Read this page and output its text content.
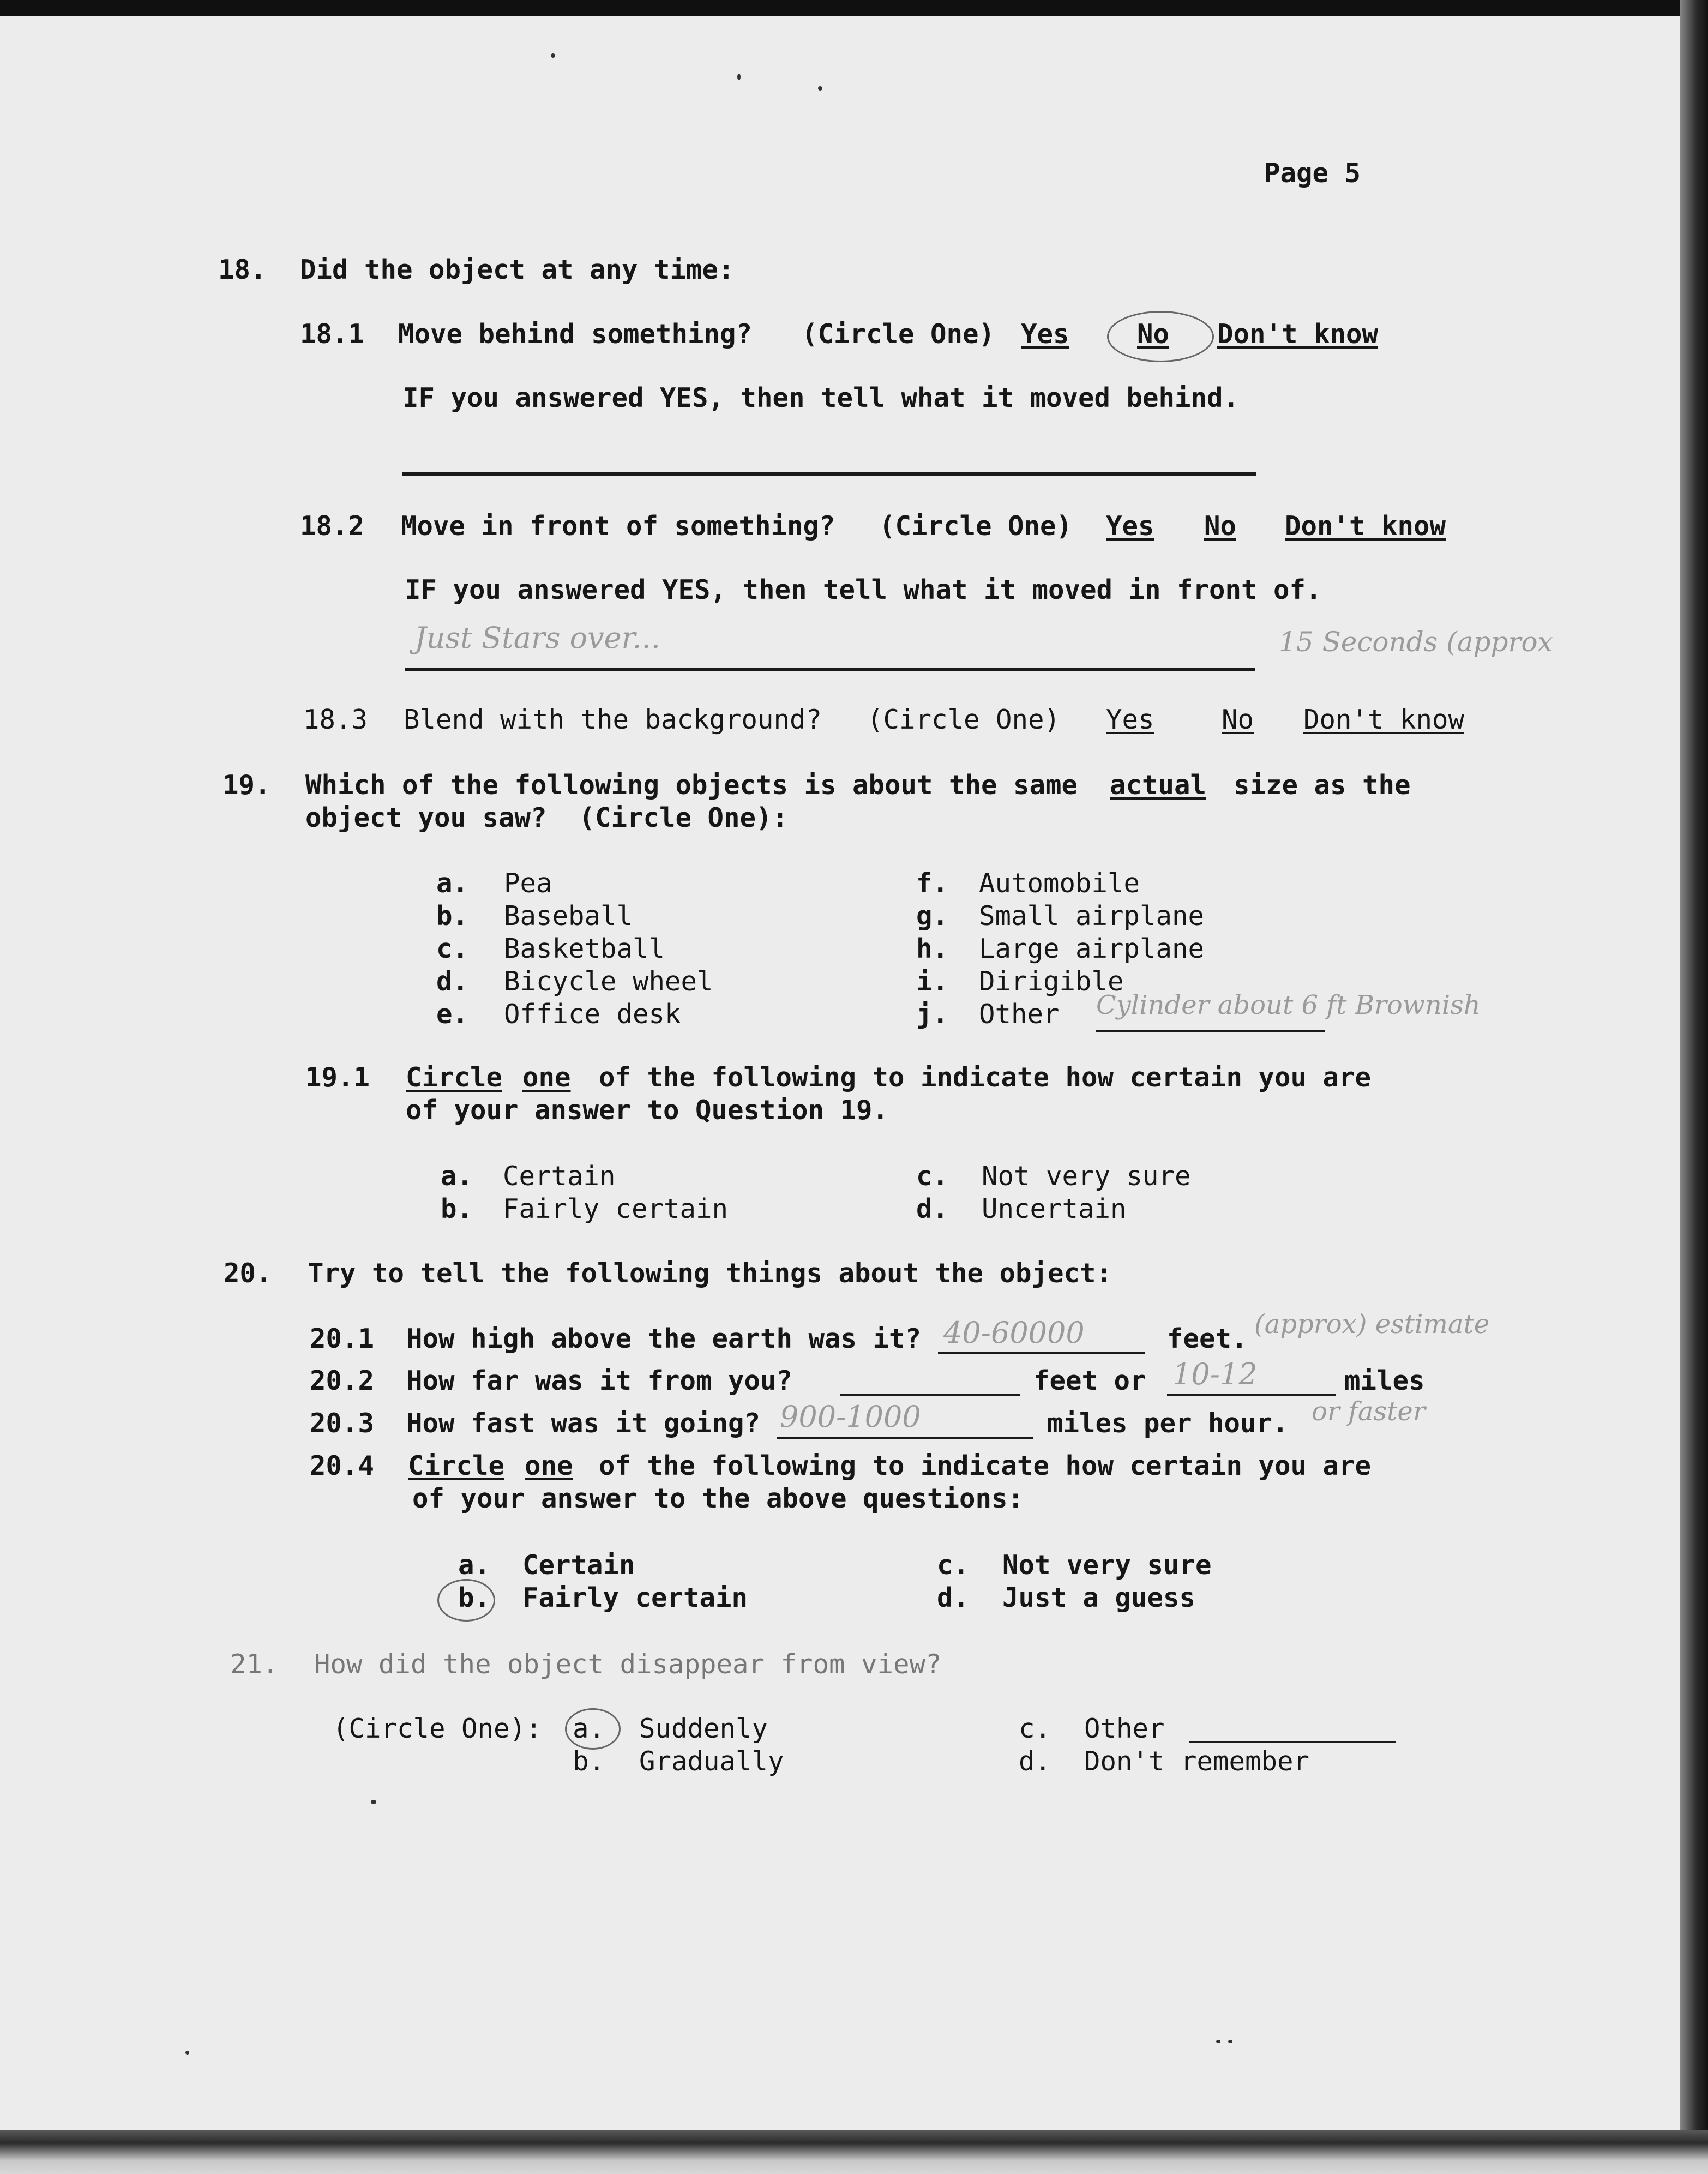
Page 5
18. Did the object at any time:
18.1 Move behind something? (Circle One) Yes	No Don't know
IF you answered YES, then tell what it moved behind.
18.2 Move in front of something? (Circle One) Yes No Don't know
IF you answered YES, then tell what it moved in front of.
Just Stars over...	15 Seconds (approx
18.3 Blend with the background? (Circle One) Yes	No Don't know
19. Which of the following objects is about the same actual size as the
object you saw?  (Circle One):
a. Pea
b. Baseball
c. Basketball
d. Bicycle wheel
e. Office desk
f. Automobile
g. Small airplane
h. Large airplane
i. Dirigible
j. Other Cylinder about 6 ft Brownish
19.1 Circle one of the following to indicate how certain you are
of your answer to Question 19.
a. Certain
b. Fairly certain
c. Not very sure
d. Uncertain
20. Try to tell the following things about the object:
20.1 How high above the earth was it? 40-60000	feet. (approx) estimate
20.2 How far was it from you?	feet or 10-12	miles
20.3 How fast was it going? 900-1000	miles per hour. or faster
20.4 Circle one of the following to indicate how certain you are
of your answer to the above questions:
a. Certain
b. Fairly certain
c. Not very sure
d. Just a guess
21. How did the object disappear from view?
(Circle One): a. Suddenly
b. Gradually
c. Other
d. Don't remember
